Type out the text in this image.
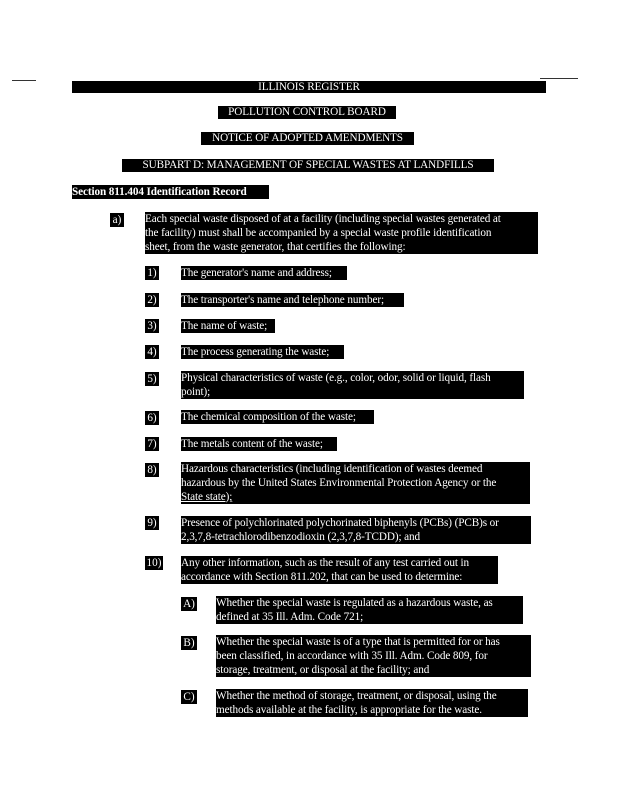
ILLINOIS REGISTER
POLLUTION CONTROL BOARD
NOTICE OF ADOPTED AMENDMENTS
SUBPART D: MANAGEMENT OF SPECIAL WASTES AT LANDFILLS
Section 811.404 Identification Record
a) Each special waste disposed of at a facility (including special wastes generated at
the facility) must shall be accompanied by a special waste profile identification
sheet, from the waste generator, that certifies the following:
1) The generator's name and address;
2) The transporter's name and telephone number;
3) The name of waste;
4) The process generating the waste;
5) Physical characteristics of waste (e.g., color, odor, solid or liquid, flash
point);
6) The chemical composition of the waste;
7) The metals content of the waste;
8) Hazardous characteristics (including identification of wastes deemed
hazardous by the United States Environmental Protection Agency or the
State state);
9) Presence of polychlorinated polychorinated biphenyls (PCBs) (PCB)s or
2,3,7,8-tetrachlorodibenzodioxin (2,3,7,8-TCDD); and
10) Any other information, such as the result of any test carried out in
accordance with Section 811.202, that can be used to determine:
A) Whether the special waste is regulated as a hazardous waste, as
defined at 35 Ill. Adm. Code 721;
B) Whether the special waste is of a type that is permitted for or has
been classified, in accordance with 35 Ill. Adm. Code 809, for
storage, treatment, or disposal at the facility; and
C) Whether the method of storage, treatment, or disposal, using the
methods available at the facility, is appropriate for the waste.
